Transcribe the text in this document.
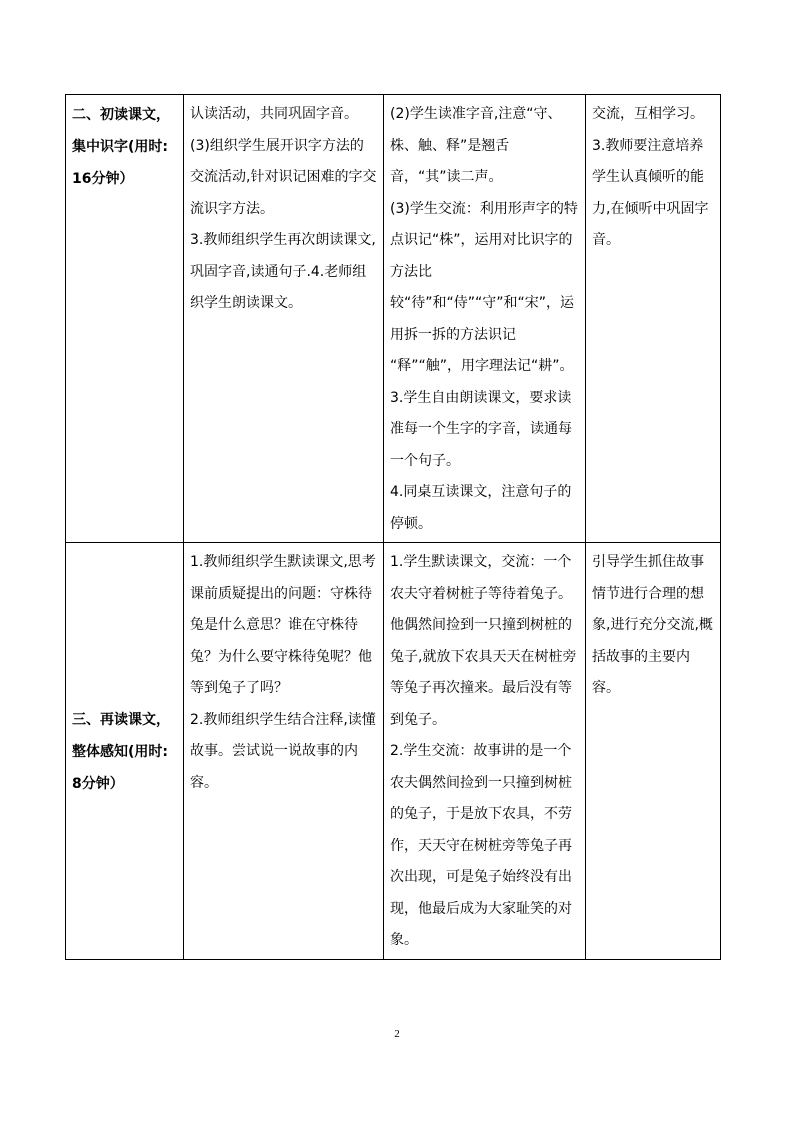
二、初读课文，集中识字(用时:16分钟）	认读活动，共同巩固字音。
(3)组织学生展开识字方法的交流活动,针对识记困难的字交流识字方法。
3.教师组织学生再次朗读课文,巩固字音,读通句子.4.老师组织学生朗读课文。	(2)学生读准字音,注意“守、株、触、释”是翘舌音，“其”读二声。
(3)学生交流：利用形声字的特点识记“株”，运用对比识字的方法比较“待”和“侍”“守”和“宋”，运用拆一拆的方法识记 “释”“触”，用字理法记“耕”。
3.学生自由朗读课文，要求读准每一个生字的字音，读通每一个句子。
4.同桌互读课文，注意句子的停顿。	交流，互相学习。
3.教师要注意培养学生认真倾听的能力,在倾听中巩固字音。

三、再读课文，整体感知(用时:8分钟）	1.教师组织学生默读课文,思考课前质疑提出的问题：守株待兔是什么意思？谁在守株待兔？为什么要守株待兔呢？他等到兔子了吗？
2.教师组织学生结合注释,读懂故事。尝试说一说故事的内容。	1.学生默读课文，交流：一个农夫守着树桩子等待着兔子。他偶然间捡到一只撞到树桩的兔子,就放下农具天天在树桩旁等兔子再次撞来。最后没有等到兔子。
2.学生交流：故事讲的是一个农夫偶然间捡到一只撞到树桩的兔子，于是放下农具，不劳作，天天守在树桩旁等兔子再次出现，可是兔子始终没有出现，他最后成为大家耻笑的对象。	引导学生抓住故事情节进行合理的想象,进行充分交流,概括故事的主要内容。
2
